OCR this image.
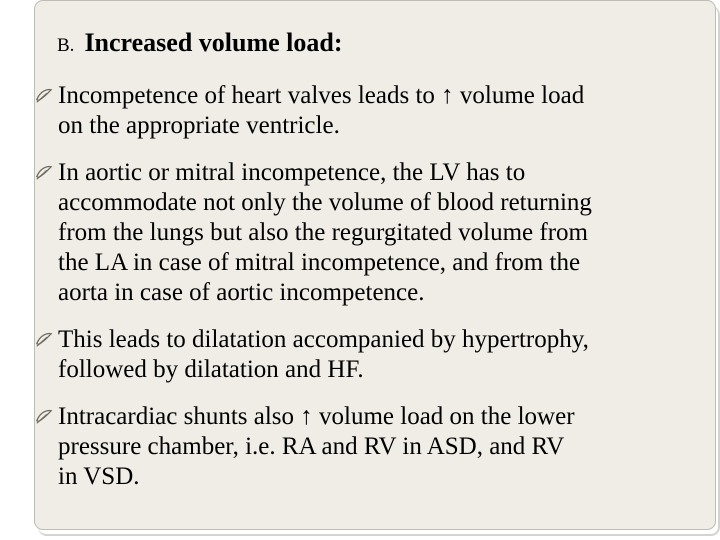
B. Increased volume load:
Incompetence of heart valves leads to ↑ volume load
on the appropriate ventricle.
In aortic or mitral incompetence, the LV has to
accommodate not only the volume of blood returning
from the lungs but also the regurgitated volume from
the LA in case of mitral incompetence, and from the
aorta in case of aortic incompetence.
This leads to dilatation accompanied by hypertrophy,
followed by dilatation and HF.
Intracardiac shunts also ↑ volume load on the lower
pressure chamber, i.e. RA and RV in ASD, and RV
in VSD.
